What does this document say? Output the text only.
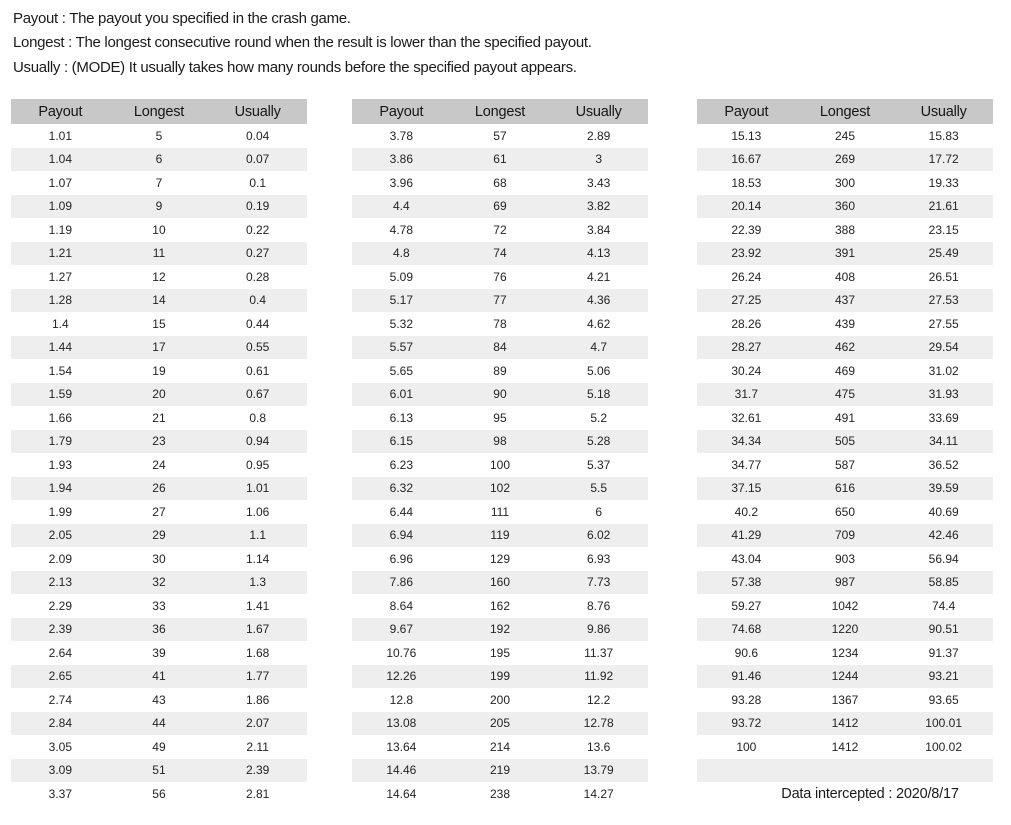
Payout : The payout you specified in the crash game.
Longest : The longest consecutive round when the result is lower than the specified payout.
Usually : (MODE) It usually takes how many rounds before the specified payout appears.
Payout	Longest	Usually
1.01	5	0.04
1.04	6	0.07
1.07	7	0.1
1.09	9	0.19
1.19	10	0.22
1.21	11	0.27
1.27	12	0.28
1.28	14	0.4
1.4	15	0.44
1.44	17	0.55
1.54	19	0.61
1.59	20	0.67
1.66	21	0.8
1.79	23	0.94
1.93	24	0.95
1.94	26	1.01
1.99	27	1.06
2.05	29	1.1
2.09	30	1.14
2.13	32	1.3
2.29	33	1.41
2.39	36	1.67
2.64	39	1.68
2.65	41	1.77
2.74	43	1.86
2.84	44	2.07
3.05	49	2.11
3.09	51	2.39
3.37	56	2.81
Payout	Longest	Usually
3.78	57	2.89
3.86	61	3
3.96	68	3.43
4.4	69	3.82
4.78	72	3.84
4.8	74	4.13
5.09	76	4.21
5.17	77	4.36
5.32	78	4.62
5.57	84	4.7
5.65	89	5.06
6.01	90	5.18
6.13	95	5.2
6.15	98	5.28
6.23	100	5.37
6.32	102	5.5
6.44	111	6
6.94	119	6.02
6.96	129	6.93
7.86	160	7.73
8.64	162	8.76
9.67	192	9.86
10.76	195	11.37
12.26	199	11.92
12.8	200	12.2
13.08	205	12.78
13.64	214	13.6
14.46	219	13.79
14.64	238	14.27
Payout	Longest	Usually
15.13	245	15.83
16.67	269	17.72
18.53	300	19.33
20.14	360	21.61
22.39	388	23.15
23.92	391	25.49
26.24	408	26.51
27.25	437	27.53
28.26	439	27.55
28.27	462	29.54
30.24	469	31.02
31.7	475	31.93
32.61	491	33.69
34.34	505	34.11
34.77	587	36.52
37.15	616	39.59
40.2	650	40.69
41.29	709	42.46
43.04	903	56.94
57.38	987	58.85
59.27	1042	74.4
74.68	1220	90.51
90.6	1234	91.37
91.46	1244	93.21
93.28	1367	93.65
93.72	1412	100.01
100	1412	100.02

Data intercepted : 2020/8/17
